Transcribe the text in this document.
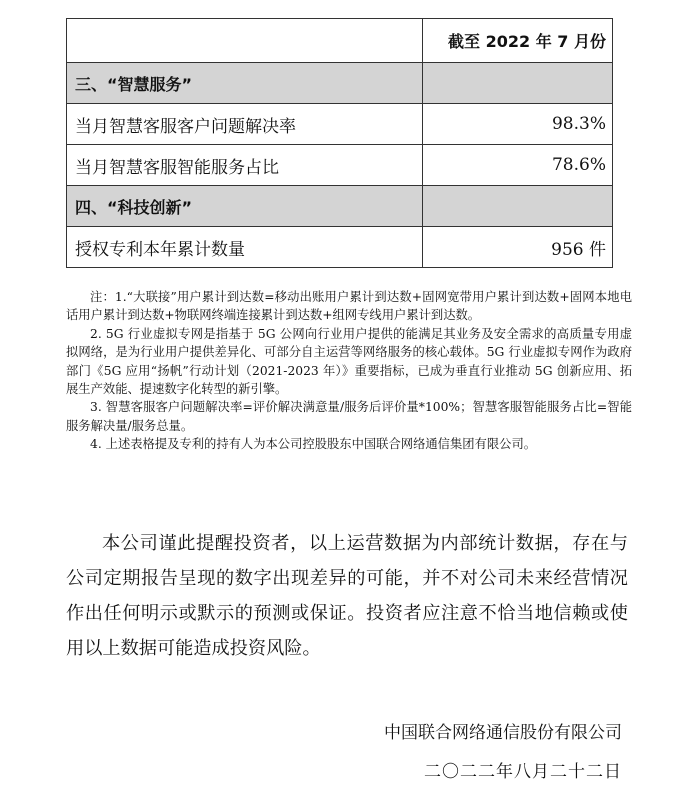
	截至 2022 年 7 月份
三、“智慧服务”	
当月智慧客服客户问题解决率	98.3%
当月智慧客服智能服务占比	78.6%
四、“科技创新”	
授权专利本年累计数量	956 件

注：1.“大联接”用户累计到达数=移动出账用户累计到达数+固网宽带用户累计到达数+固网本地电话用户累计到达数+物联网终端连接累计到达数+组网专线用户累计到达数。

2. 5G 行业虚拟专网是指基于 5G 公网向行业用户提供的能满足其业务及安全需求的高质量专用虚拟网络，是为行业用户提供差异化、可部分自主运营等网络服务的核心载体。5G 行业虚拟专网作为政府部门《5G 应用“扬帆”行动计划（2021-2023 年）》重要指标，已成为垂直行业推动 5G 创新应用、拓展生产效能、提速数字化转型的新引擎。

3. 智慧客服客户问题解决率=评价解决满意量/服务后评价量*100%；智慧客服智能服务占比=智能服务解决量/服务总量。

4. 上述表格提及专利的持有人为本公司控股股东中国联合网络通信集团有限公司。

本公司谨此提醒投资者，以上运营数据为内部统计数据，存在与公司定期报告呈现的数字出现差异的可能，并不对公司未来经营情况作出任何明示或默示的预测或保证。投资者应注意不恰当地信赖或使用以上数据可能造成投资风险。

中国联合网络通信股份有限公司

二〇二二年八月二十二日
